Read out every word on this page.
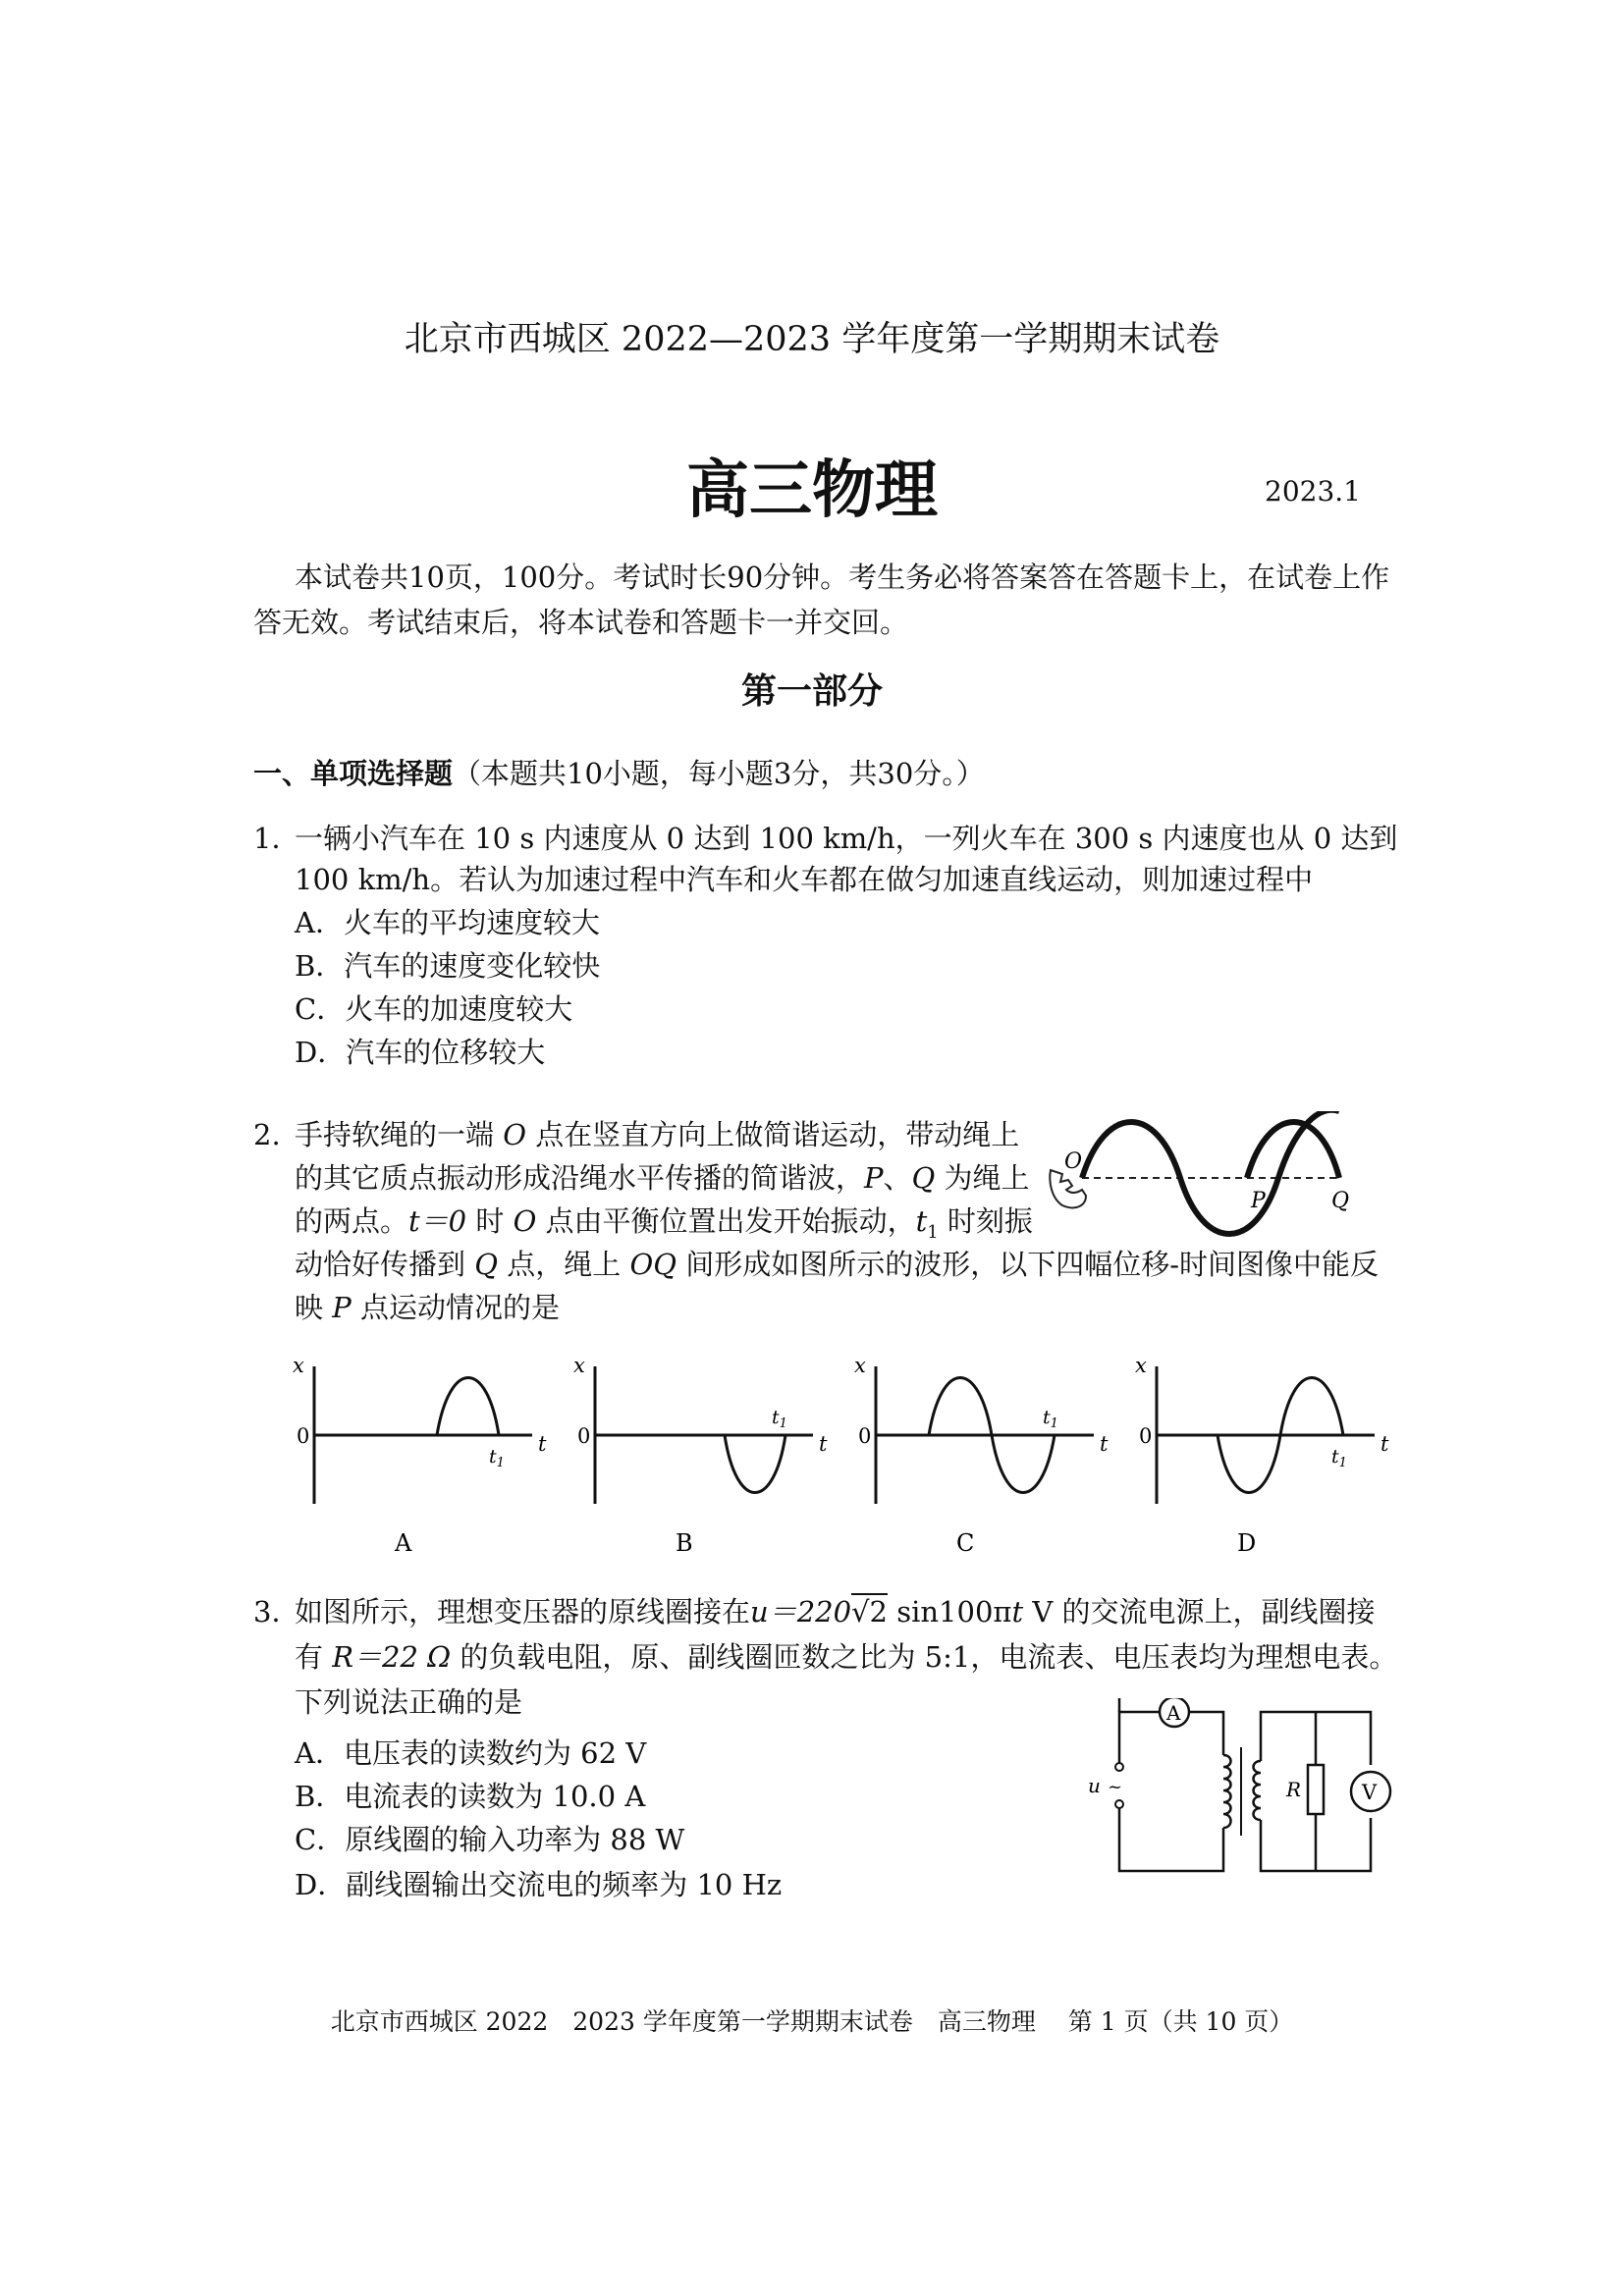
北京市西城区 2022—2023 学年度第一学期期末试卷
高三物理	2023.1
本试卷共10页，100分。考试时长90分钟。考生务必将答案答在答题卡上，在试卷上作
答无效。考试结束后，将本试卷和答题卡一并交回。
第一部分
一、单项选择题（本题共10小题，每小题3分，共30分。）
1．
一辆小汽车在 10 s 内速度从 0 达到 100 km/h，一列火车在 300 s 内速度也从 0 达到
100 km/h。若认为加速过程中汽车和火车都在做匀加速直线运动，则加速过程中
A．火车的平均速度较大
B．汽车的速度变化较快
C．火车的加速度较大
D．汽车的位移较大
2. 手持软绳的一端 O 点在竖直方向上做简谐运动，带动绳上
的其它质点振动形成沿绳水平传播的简谐波，P、Q 为绳上
的两点。t＝0 时 O 点由平衡位置出发开始振动，$t_1$ 时刻振
动恰好传播到 Q 点，绳上 OQ 间形成如图所示的波形，以下四幅位移-时间图像中能反
映 P 点运动情况的是
O
P	Q
x
0	t
$t_1$
A
x
0	t
$t_1$
B
x
0	t
$t_1$
C
x
0	t
$t_1$
D
3．
如图所示，理想变压器的原线圈接在u＝220√2 sin100πt V 的交流电源上，副线圈接
有 R＝22 Ω 的负载电阻，原、副线圈匝数之比为 5:1，电流表、电压表均为理想电表。
下列说法正确的是
A．电压表的读数约为 62 V
B．电流表的读数为 10.0 A
C．原线圈的输入功率为 88 W
D．副线圈输出交流电的频率为 10 Hz
A
u ~	R	V
北京市西城区 2022　2023 学年度第一学期期末试卷　高三物理　 第 1 页（共 10 页）
